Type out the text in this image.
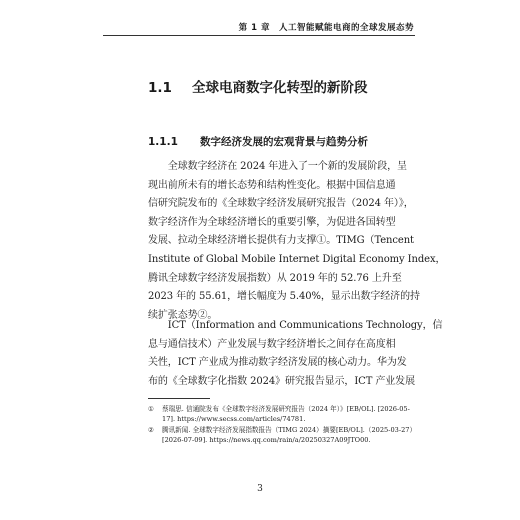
第 1 章　人工智能赋能电商的全球发展态势
1.1 全球电商数字化转型的新阶段
1.1.1 数字经济发展的宏观背景与趋势分析
　　全球数字经济在 2024 年进入了一个新的发展阶段，呈
现出前所未有的增长态势和结构性变化。根据中国信息通
信研究院发布的《全球数字经济发展研究报告（2024 年）》，
数字经济作为全球经济增长的重要引擎，为促进各国转型
发展、拉动全球经济增长提供有力支撑①。TIMG（Tencent
Institute of Global Mobile Internet Digital Economy Index，
腾讯全球数字经济发展指数）从 2019 年的 52.76 上升至
2023 年的 55.61，增长幅度为 5.40%，显示出数字经济的持
续扩张态势②。
　　ICT（Information and Communications Technology，信
息与通信技术）产业发展与数字经济增长之间存在高度相
关性，ICT 产业成为推动数字经济发展的核心动力。华为发
布的《全球数字化指数 2024》研究报告显示，ICT 产业发展
① 蔡瑞思. 信通院发布《全球数字经济发展研究报告（2024 年）》[EB/OL]. [2026-05-
17]. https://www.secss.com/articles/74781.
② 腾讯新闻. 全球数字经济发展指数报告（TIMG 2024）摘要[EB/OL].（2025-03-27）
[2026-07-09]. https://news.qq.com/rain/a/20250327A09JTO00.
3
